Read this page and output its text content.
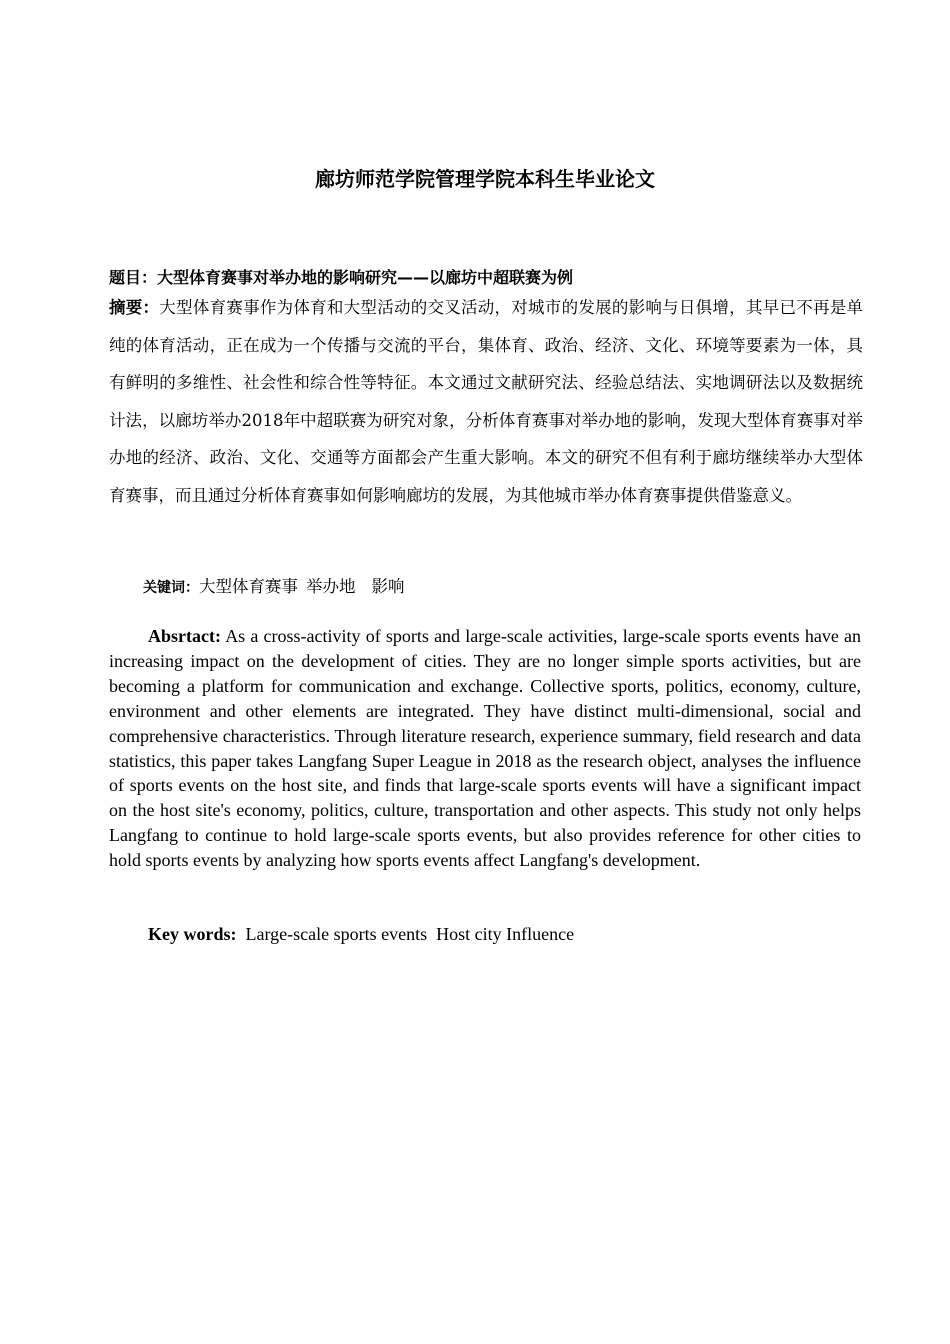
廊坊师范学院管理学院本科生毕业论文
题目：大型体育赛事对举办地的影响研究——以廊坊中超联赛为例
摘要：大型体育赛事作为体育和大型活动的交叉活动，对城市的发展的影响与日俱增，其早已不再是单纯的体育活动，正在成为一个传播与交流的平台，集体育、政治、经济、文化、环境等要素为一体，具有鲜明的多维性、社会性和综合性等特征。本文通过文献研究法、经验总结法、实地调研法以及数据统计法，以廊坊举办2018年中超联赛为研究对象，分析体育赛事对举办地的影响，发现大型体育赛事对举办地的经济、政治、文化、交通等方面都会产生重大影响。本文的研究不但有利于廊坊继续举办大型体育赛事，而且通过分析体育赛事如何影响廊坊的发展，为其他城市举办体育赛事提供借鉴意义。
关键词：大型体育赛事 举办地 影响
Absrtact: As a cross-activity of sports and large-scale activities, large-scale sports events have an increasing impact on the development of cities. They are no longer simple sports activities, but are becoming a platform for communication and exchange. Collective sports, politics, economy, culture, environment and other elements are integrated. They have distinct multi-dimensional, social and comprehensive characteristics. Through literature research, experience summary, field research and data statistics, this paper takes Langfang Super League in 2018 as the research object, analyses the influence of sports events on the host site, and finds that large-scale sports events will have a significant impact on the host site's economy, politics, culture, transportation and other aspects. This study not only helps Langfang to continue to hold large-scale sports events, but also provides reference for other cities to hold sports events by analyzing how sports events affect Langfang's development.
Key words: Large-scale sports events  Host city Influence
